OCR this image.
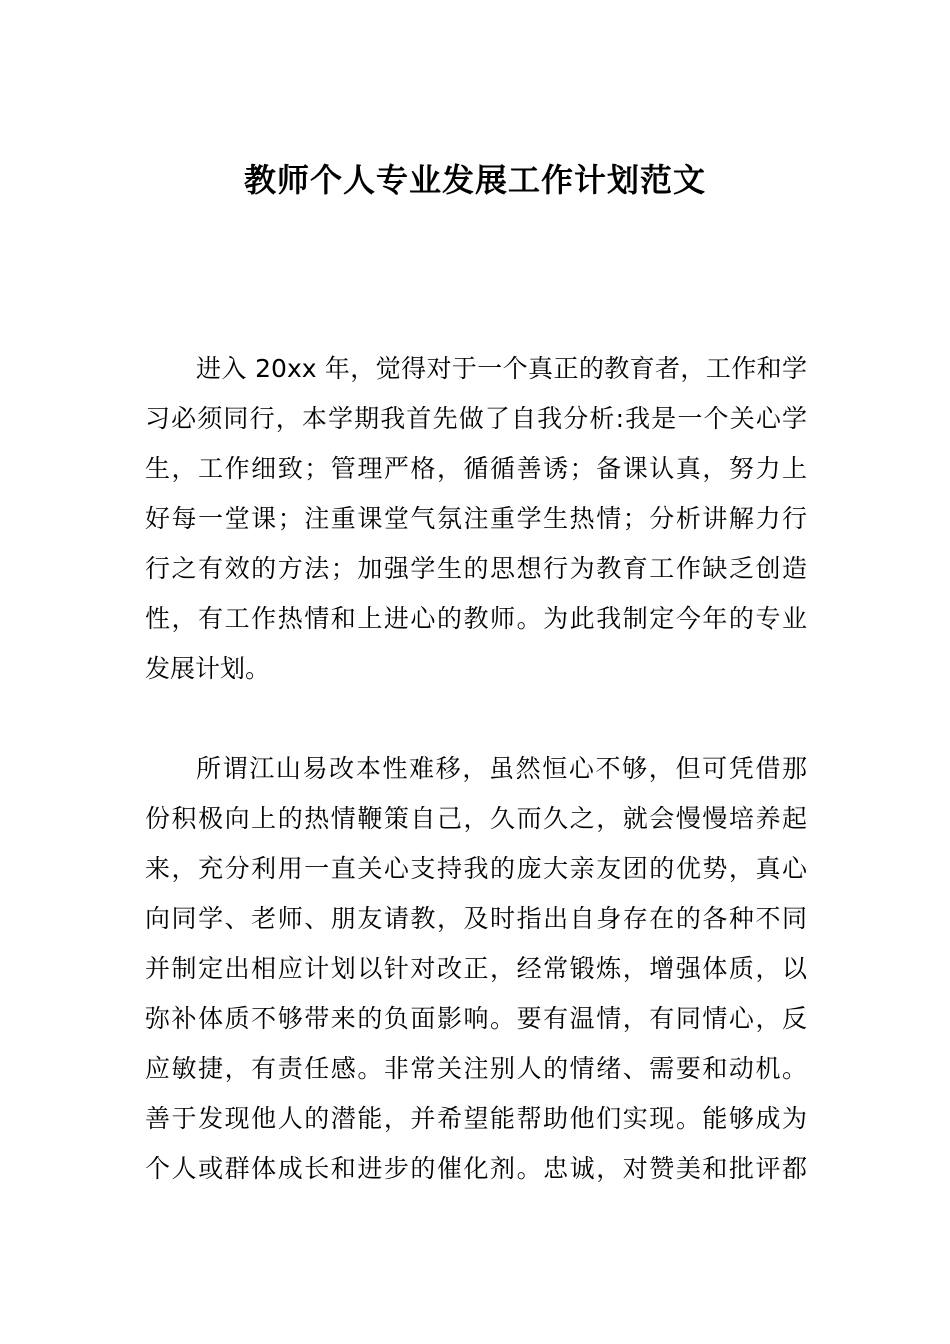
教师个人专业发展工作计划范文
进入 20xx 年，觉得对于一个真正的教育者，工作和学
习必须同行，本学期我首先做了自我分析:我是一个关心学
生，工作细致；管理严格，循循善诱；备课认真，努力上
好每一堂课；注重课堂气氛注重学生热情；分析讲解力行
行之有效的方法；加强学生的思想行为教育工作缺乏创造
性，有工作热情和上进心的教师。为此我制定今年的专业
发展计划。
所谓江山易改本性难移，虽然恒心不够，但可凭借那
份积极向上的热情鞭策自己，久而久之，就会慢慢培养起
来，充分利用一直关心支持我的庞大亲友团的优势，真心
向同学、老师、朋友请教，及时指出自身存在的各种不同
并制定出相应计划以针对改正，经常锻炼，增强体质，以
弥补体质不够带来的负面影响。要有温情，有同情心，反
应敏捷，有责任感。非常关注别人的情绪、需要和动机。
善于发现他人的潜能，并希望能帮助他们实现。能够成为
个人或群体成长和进步的催化剂。忠诚，对赞美和批评都
